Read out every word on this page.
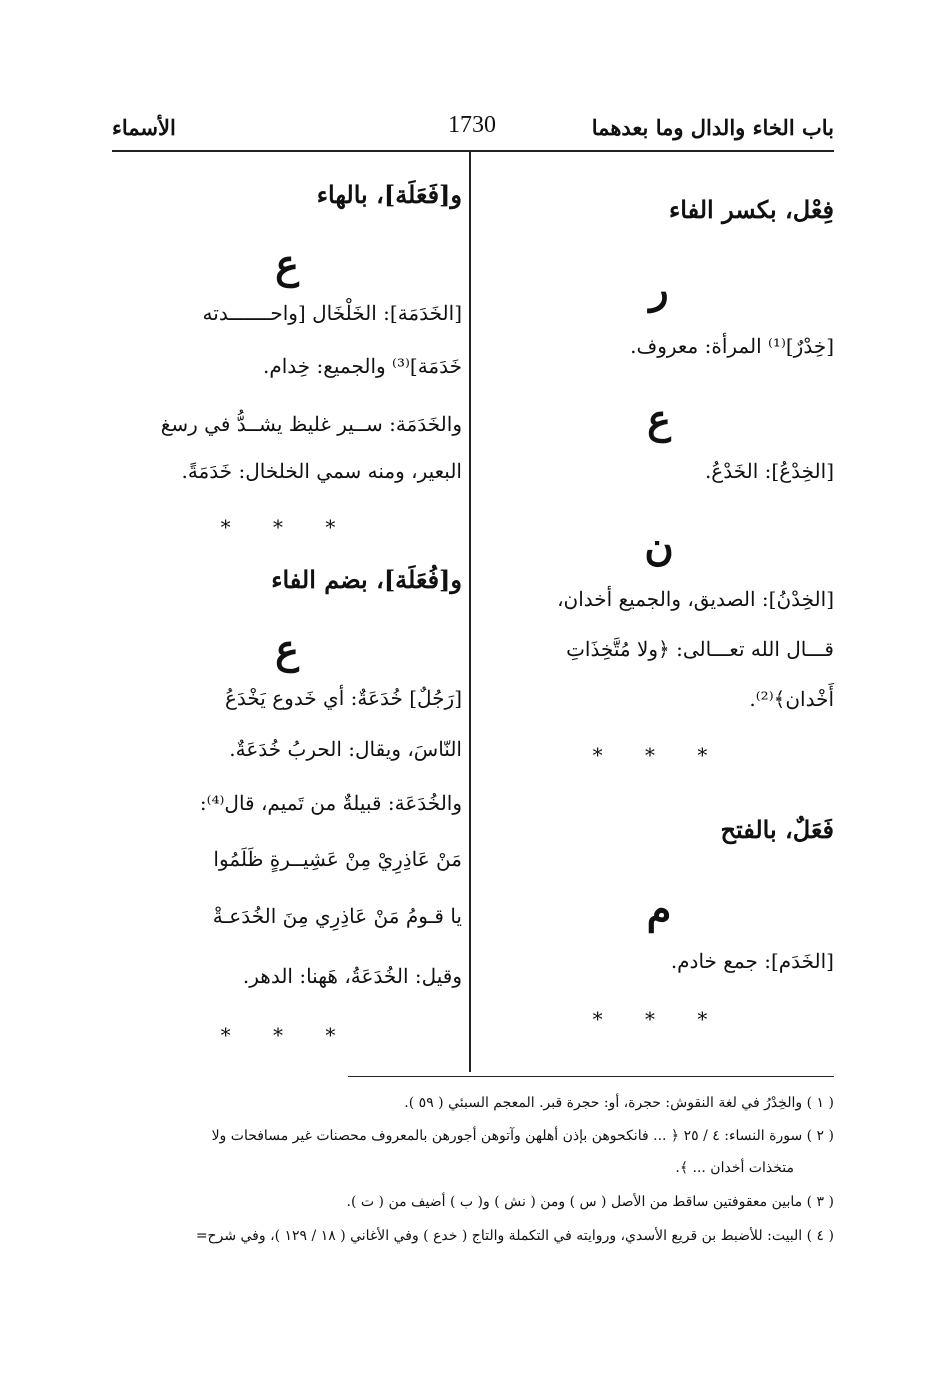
باب الخاء والدال وما بعدهما
1730
الأسماء
فِعْل، بكسر الفاء
ر
[خِدْرٌ]⁽¹⁾ المرأة: معروف.
ع
[الخِدْعُ]: الخَدْعُ.
ن
[الخِدْنُ]: الصديق، والجميع أخدان،
قـــال الله تعـــالى: ﴿ولا مُتَّخِذَاتِ
أَخْدان﴾⁽²⁾.
* * *
فَعَلٌ، بالفتح
م
[الخَدَم]: جمع خادم.
* * *
و[فَعَلَة]، بالهاء
ع
[الخَدَمَة]: الخَلْخَال [واحـــــــدته
خَدَمَة]⁽³⁾ والجميع: خِدام.
والخَدَمَة: ســير غليظ يشــدُّ في رسغ
البعير، ومنه سمي الخلخال: خَدَمَةً.
* * *
و[فُعَلَة]، بضم الفاء
ع
[رَجُلٌ] خُدَعَةٌ: أي خَدوع يَخْدَعُ
النّاسَ، ويقال: الحربُ خُدَعَةٌ.
والخُدَعَة: قبيلةٌ من تَميم، قال⁽⁴⁾:
مَنْ عَاذِرِيْ مِنْ عَشِيــرةٍ ظَلَمُوا
يا قـومُ مَنْ عَاذِرِي مِنَ الخُدَعـةْ
وقيل: الخُدَعَةُ، هَهنا: الدهر.
* * *
( ١ ) والخِدْرُ في لغة النقوش: حجرة، أو: حجرة قبر. المعجم السبئي ( ٥٩ ).
( ٢ ) سورة النساء: ٤ / ٢٥ ﴿ ... فانكحوهن بإذن أهلهن وآتوهن أجورهن بالمعروف محصنات غير مسافحات ولا
متخذات أخدان ... ﴾.
( ٣ ) مابين معقوفتين ساقط من الأصل ( س ) ومن ( نش ) و( ب ) أضيف من ( ت ).
( ٤ ) البيت: للأضبط بن قريع الأسدي، وروايته في التكملة والتاج ( خدع ) وفي الأغاني ( ١٨ / ١٢٩ )، وفي شرح=
